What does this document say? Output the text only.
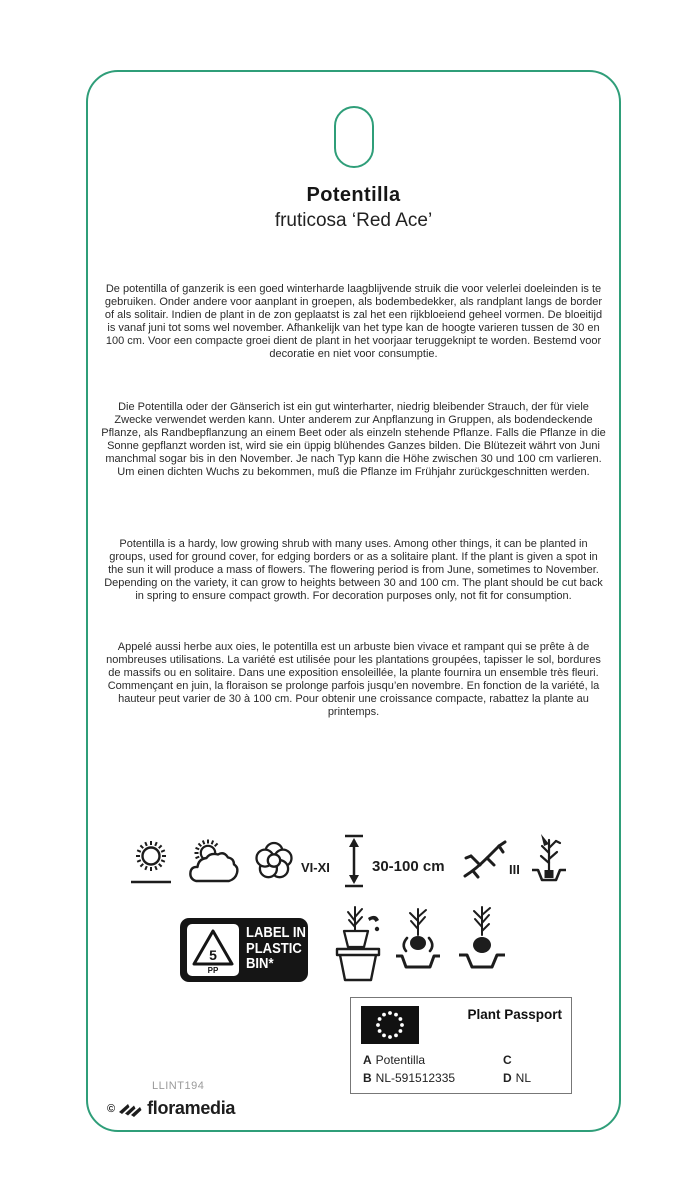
Potentilla
fruticosa ‘Red Ace’

De potentilla of ganzerik is een goed winterharde laagblijvende struik die voor velerlei doeleinden is te gebruiken. Onder andere voor aanplant in groepen, als bodembedekker, als randplant langs de border of als solitair. Indien de plant in de zon geplaatst is zal het een rijkbloeiend geheel vormen. De bloeitijd is vanaf juni tot soms wel november. Afhankelijk van het type kan de hoogte varieren tussen de 30 en 100 cm. Voor een compacte groei dient de plant in het voorjaar teruggeknipt te worden. Bestemd voor decoratie en niet voor consumptie.

Die Potentilla oder der Gänserich ist ein gut winterharter, niedrig bleibender Strauch, der für viele Zwecke verwendet werden kann. Unter anderem zur Anpflanzung in Gruppen, als bodendeckende Pflanze, als Randbepflanzung an einem Beet oder als einzeln stehende Pflanze. Falls die Pflanze in die Sonne gepflanzt worden ist, wird sie ein üppig blühendes Ganzes bilden. Die Blütezeit währt von Juni manchmal sogar bis in den November. Je nach Typ kann die Höhe zwischen 30 und 100 cm varlieren. Um einen dichten Wuchs zu bekommen, muß die Pflanze im Frühjahr zurückgeschnitten werden.

Potentilla is a hardy, low growing shrub with many uses. Among other things, it can be planted in groups, used for ground cover, for edging borders or as a solitaire plant. If the plant is given a spot in the sun it will produce a mass of flowers. The flowering period is from June, sometimes to November. Depending on the variety, it can grow to heights between 30 and 100 cm. The plant should be cut back in spring to ensure compact growth. For decoration purposes only, not fit for consumption.

Appelé aussi herbe aux oies, le potentilla est un arbuste bien vivace et rampant qui se prête à de nombreuses utilisations. La variété est utilisée pour les plantations groupées, tapisser le sol, bordures de massifs ou en solitaire. Dans une exposition ensoleillée, la plante fournira un ensemble très fleuri. Commençant en juin, la floraison se prolonge parfois jusqu’en novembre. En fonction de la variété, la hauteur peut varier de 30 à 100 cm. Pour obtenir une croissance compacte, rabattez la plante au printemps.

VI-XI	30-100 cm	III
5
PP
LABEL IN
PLASTIC
BIN*
Plant Passport
A Potentilla	C
B NL-591512335	D NL
LLINT194
© floramedia
